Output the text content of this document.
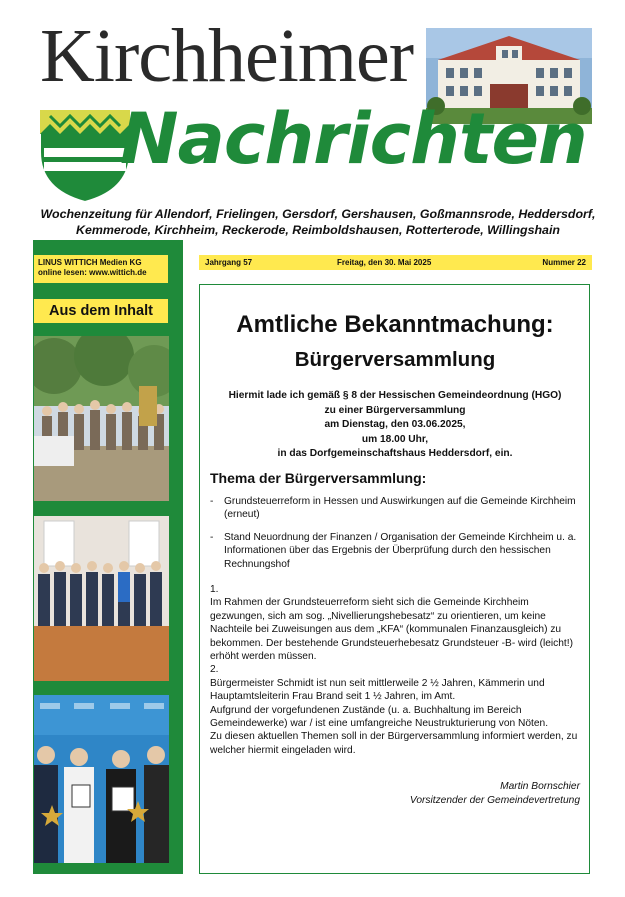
Kirchheimer
Nachrichten
Wochenzeitung für Allendorf, Frielingen, Gersdorf, Gershausen, Goßmannsrode, Heddersdorf,
Kemmerode, Kirchheim, Reckerode, Reimboldshausen, Rotterterode, Willingshain
LINUS WITTICH Medien KG
online lesen: www.wittich.de
Aus dem Inhalt
Jahrgang 57	Freitag, den 30. Mai 2025	Nummer 22
Amtliche Bekanntmachung:
Bürgerversammlung
Hiermit lade ich gemäß § 8 der Hessischen Gemeindeordnung (HGO)
zu einer Bürgerversammlung
am Dienstag, den 03.06.2025,
um 18.00 Uhr,
in das Dorfgemeinschaftshaus Heddersdorf, ein.
Thema der Bürgerversammlung:
- Grundsteuerreform in Hessen und Auswirkungen auf die Gemeinde Kirchheim (erneut)
- Stand Neuordnung der Finanzen / Organisation der Gemeinde Kirchheim u. a. Informationen über das Ergebnis der Überprüfung durch den hessischen Rechnungshof

1.

Im Rahmen der Grundsteuerreform sieht sich die Gemeinde Kirchheim gezwungen, sich am sog. „Nivellierungshebesatz“ zu orientieren, um keine Nachteile bei Zuweisungen aus dem „KFA“ (kommunalen Finanzausgleich) zu bekommen. Der bestehende Grundsteuerhebesatz Grundsteuer -B- wird (leicht!) erhöht werden müssen.

2.

Bürgermeister Schmidt ist nun seit mittlerweile 2 ½ Jahren, Kämmerin und Hauptamtsleiterin Frau Brand seit 1 ½ Jahren, im Amt.

Aufgrund der vorgefundenen Zustände (u. a. Buchhaltung im Bereich Gemeindewerke) war / ist eine umfangreiche Neustrukturierung von Nöten.

Zu diesen aktuellen Themen soll in der Bürgerversammlung informiert werden, zu welcher hiermit eingeladen wird.

Martin Bornschier
Vorsitzender der Gemeindevertretung
